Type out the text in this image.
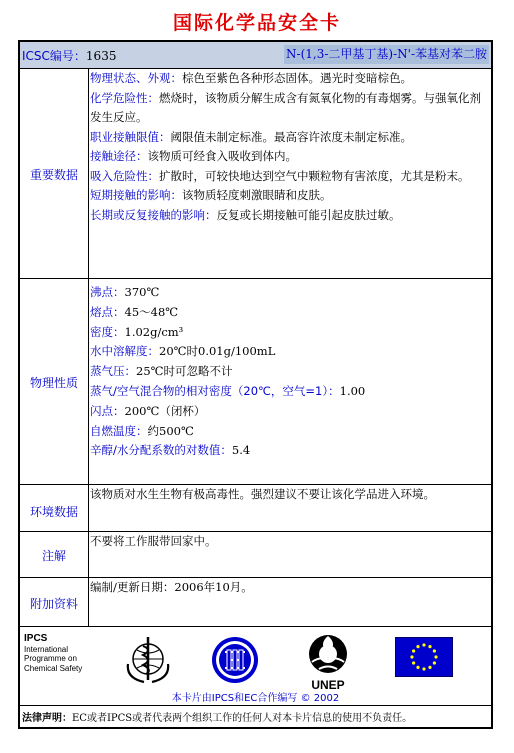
国际化学品安全卡
ICSC编号：1635	N-(1,3-二甲基丁基)-N'-苯基对苯二胺
重要数据
物理状态、外观：棕色至紫色各种形态固体。遇光时变暗棕色。
化学危险性：燃烧时，该物质分解生成含有氮氧化物的有毒烟雾。与强氧化剂发生反应。
职业接触限值：阈限值未制定标准。最高容许浓度未制定标准。
接触途径：该物质可经食入吸收到体内。
吸入危险性：扩散时，可较快地达到空气中颗粒物有害浓度，尤其是粉末。
短期接触的影响：该物质轻度刺激眼睛和皮肤。
长期或反复接触的影响：反复或长期接触可能引起皮肤过敏。
物理性质
沸点：370℃
熔点：45～48℃
密度：1.02g/cm³
水中溶解度：20℃时0.01g/100mL
蒸气压：25℃时可忽略不计
蒸气/空气混合物的相对密度（20℃，空气=1）：1.00
闪点：200℃（闭杯）
自燃温度：约500℃
辛醇/水分配系数的对数值：5.4
环境数据
该物质对水生生物有极高毒性。强烈建议不要让该化学品进入环境。
注解
不要将工作服带回家中。
附加资料
编制/更新日期：2006年10月。
IPCS
International
Programme on
Chemical Safety
UNEP
本卡片由IPCS和EC合作编写 © 2002
法律声明：EC或者IPCS或者代表两个组织工作的任何人对本卡片信息的使用不负责任。
